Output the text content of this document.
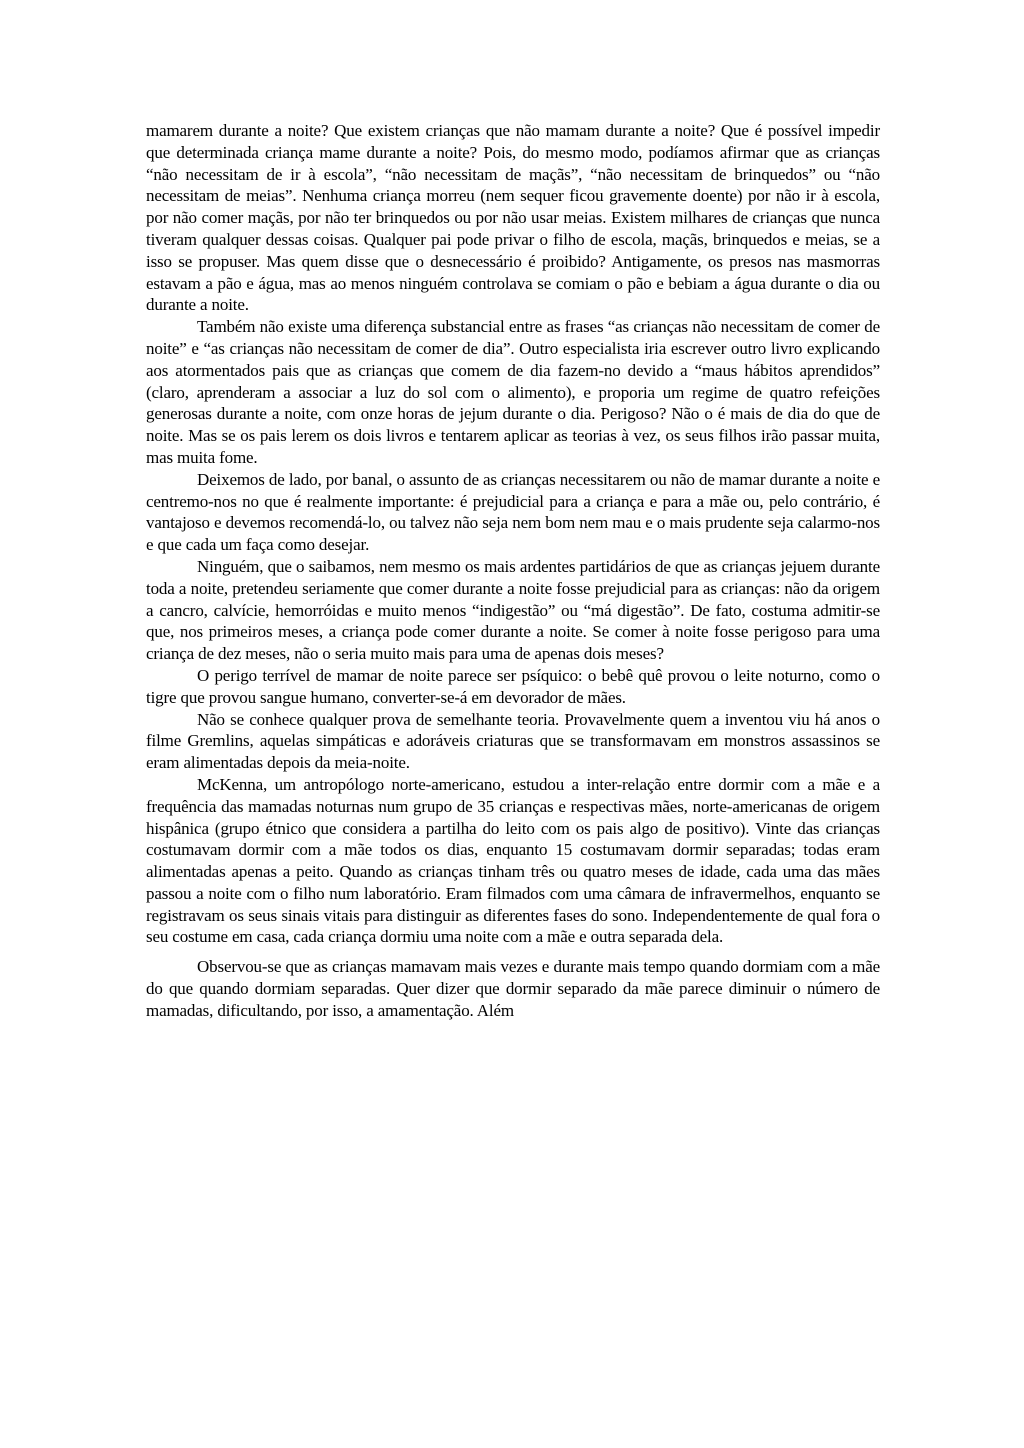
mamarem durante a noite? Que existem crianças que não mamam durante a noite? Que é possível impedir que determinada criança mame durante a noite? Pois, do mesmo modo, podíamos afirmar que as crianças “não necessitam de ir à escola”, “não necessitam de maçãs”, “não necessitam de brinquedos” ou “não necessitam de meias”. Nenhuma criança morreu (nem sequer ficou gravemente doente) por não ir à escola, por não comer maçãs, por não ter brinquedos ou por não usar meias. Existem milhares de crianças que nunca tiveram qualquer dessas coisas. Qualquer pai pode privar o filho de escola, maçãs, brinquedos e meias, se a isso se propuser. Mas quem disse que o desnecessário é proibido? Antigamente, os presos nas masmorras estavam a pão e água, mas ao menos ninguém controlava se comiam o pão e bebiam a água durante o dia ou durante a noite.

Também não existe uma diferença substancial entre as frases “as crianças não necessitam de comer de noite” e “as crianças não necessitam de comer de dia”. Outro especialista iria escrever outro livro explicando aos atormentados pais que as crianças que comem de dia fazem-no devido a “maus hábitos aprendidos” (claro, aprenderam a associar a luz do sol com o alimento), e proporia um regime de quatro refeições generosas durante a noite, com onze horas de jejum durante o dia. Perigoso? Não o é mais de dia do que de noite. Mas se os pais lerem os dois livros e tentarem aplicar as teorias à vez, os seus filhos irão passar muita, mas muita fome.

Deixemos de lado, por banal, o assunto de as crianças necessitarem ou não de mamar durante a noite e centremo-nos no que é realmente importante: é prejudicial para a criança e para a mãe ou, pelo contrário, é vantajoso e devemos recomendá-lo, ou talvez não seja nem bom nem mau e o mais prudente seja calarmo-nos e que cada um faça como desejar.

Ninguém, que o saibamos, nem mesmo os mais ardentes partidários de que as crianças jejuem durante toda a noite, pretendeu seriamente que comer durante a noite fosse prejudicial para as crianças: não da origem a cancro, calvície, hemorróidas e muito menos “indigestão” ou “má digestão”. De fato, costuma admitir-se que, nos primeiros meses, a criança pode comer durante a noite. Se comer à noite fosse perigoso para uma criança de dez meses, não o seria muito mais para uma de apenas dois meses?

O perigo terrível de mamar de noite parece ser psíquico: o bebê quê provou o leite noturno, como o tigre que provou sangue humano, converter-se-á em devorador de mães.

Não se conhece qualquer prova de semelhante teoria. Provavelmente quem a inventou viu há anos o filme Gremlins, aquelas simpáticas e adoráveis criaturas que se transformavam em monstros assassinos se eram alimentadas depois da meia-noite.

McKenna, um antropólogo norte-americano, estudou a inter-relação entre dormir com a mãe e a frequência das mamadas noturnas num grupo de 35 crianças e respectivas mães, norte-americanas de origem hispânica (grupo étnico que considera a partilha do leito com os pais algo de positivo). Vinte das crianças costumavam dormir com a mãe todos os dias, enquanto 15 costumavam dormir separadas; todas eram alimentadas apenas a peito. Quando as crianças tinham três ou quatro meses de idade, cada uma das mães passou a noite com o filho num laboratório. Eram filmados com uma câmara de infravermelhos, enquanto se registravam os seus sinais vitais para distinguir as diferentes fases do sono. Independentemente de qual fora o seu costume em casa, cada criança dormiu uma noite com a mãe e outra separada dela.

Observou-se que as crianças mamavam mais vezes e durante mais tempo quando dormiam com a mãe do que quando dormiam separadas. Quer dizer que dormir separado da mãe parece diminuir o número de mamadas, dificultando, por isso, a amamentação. Além
